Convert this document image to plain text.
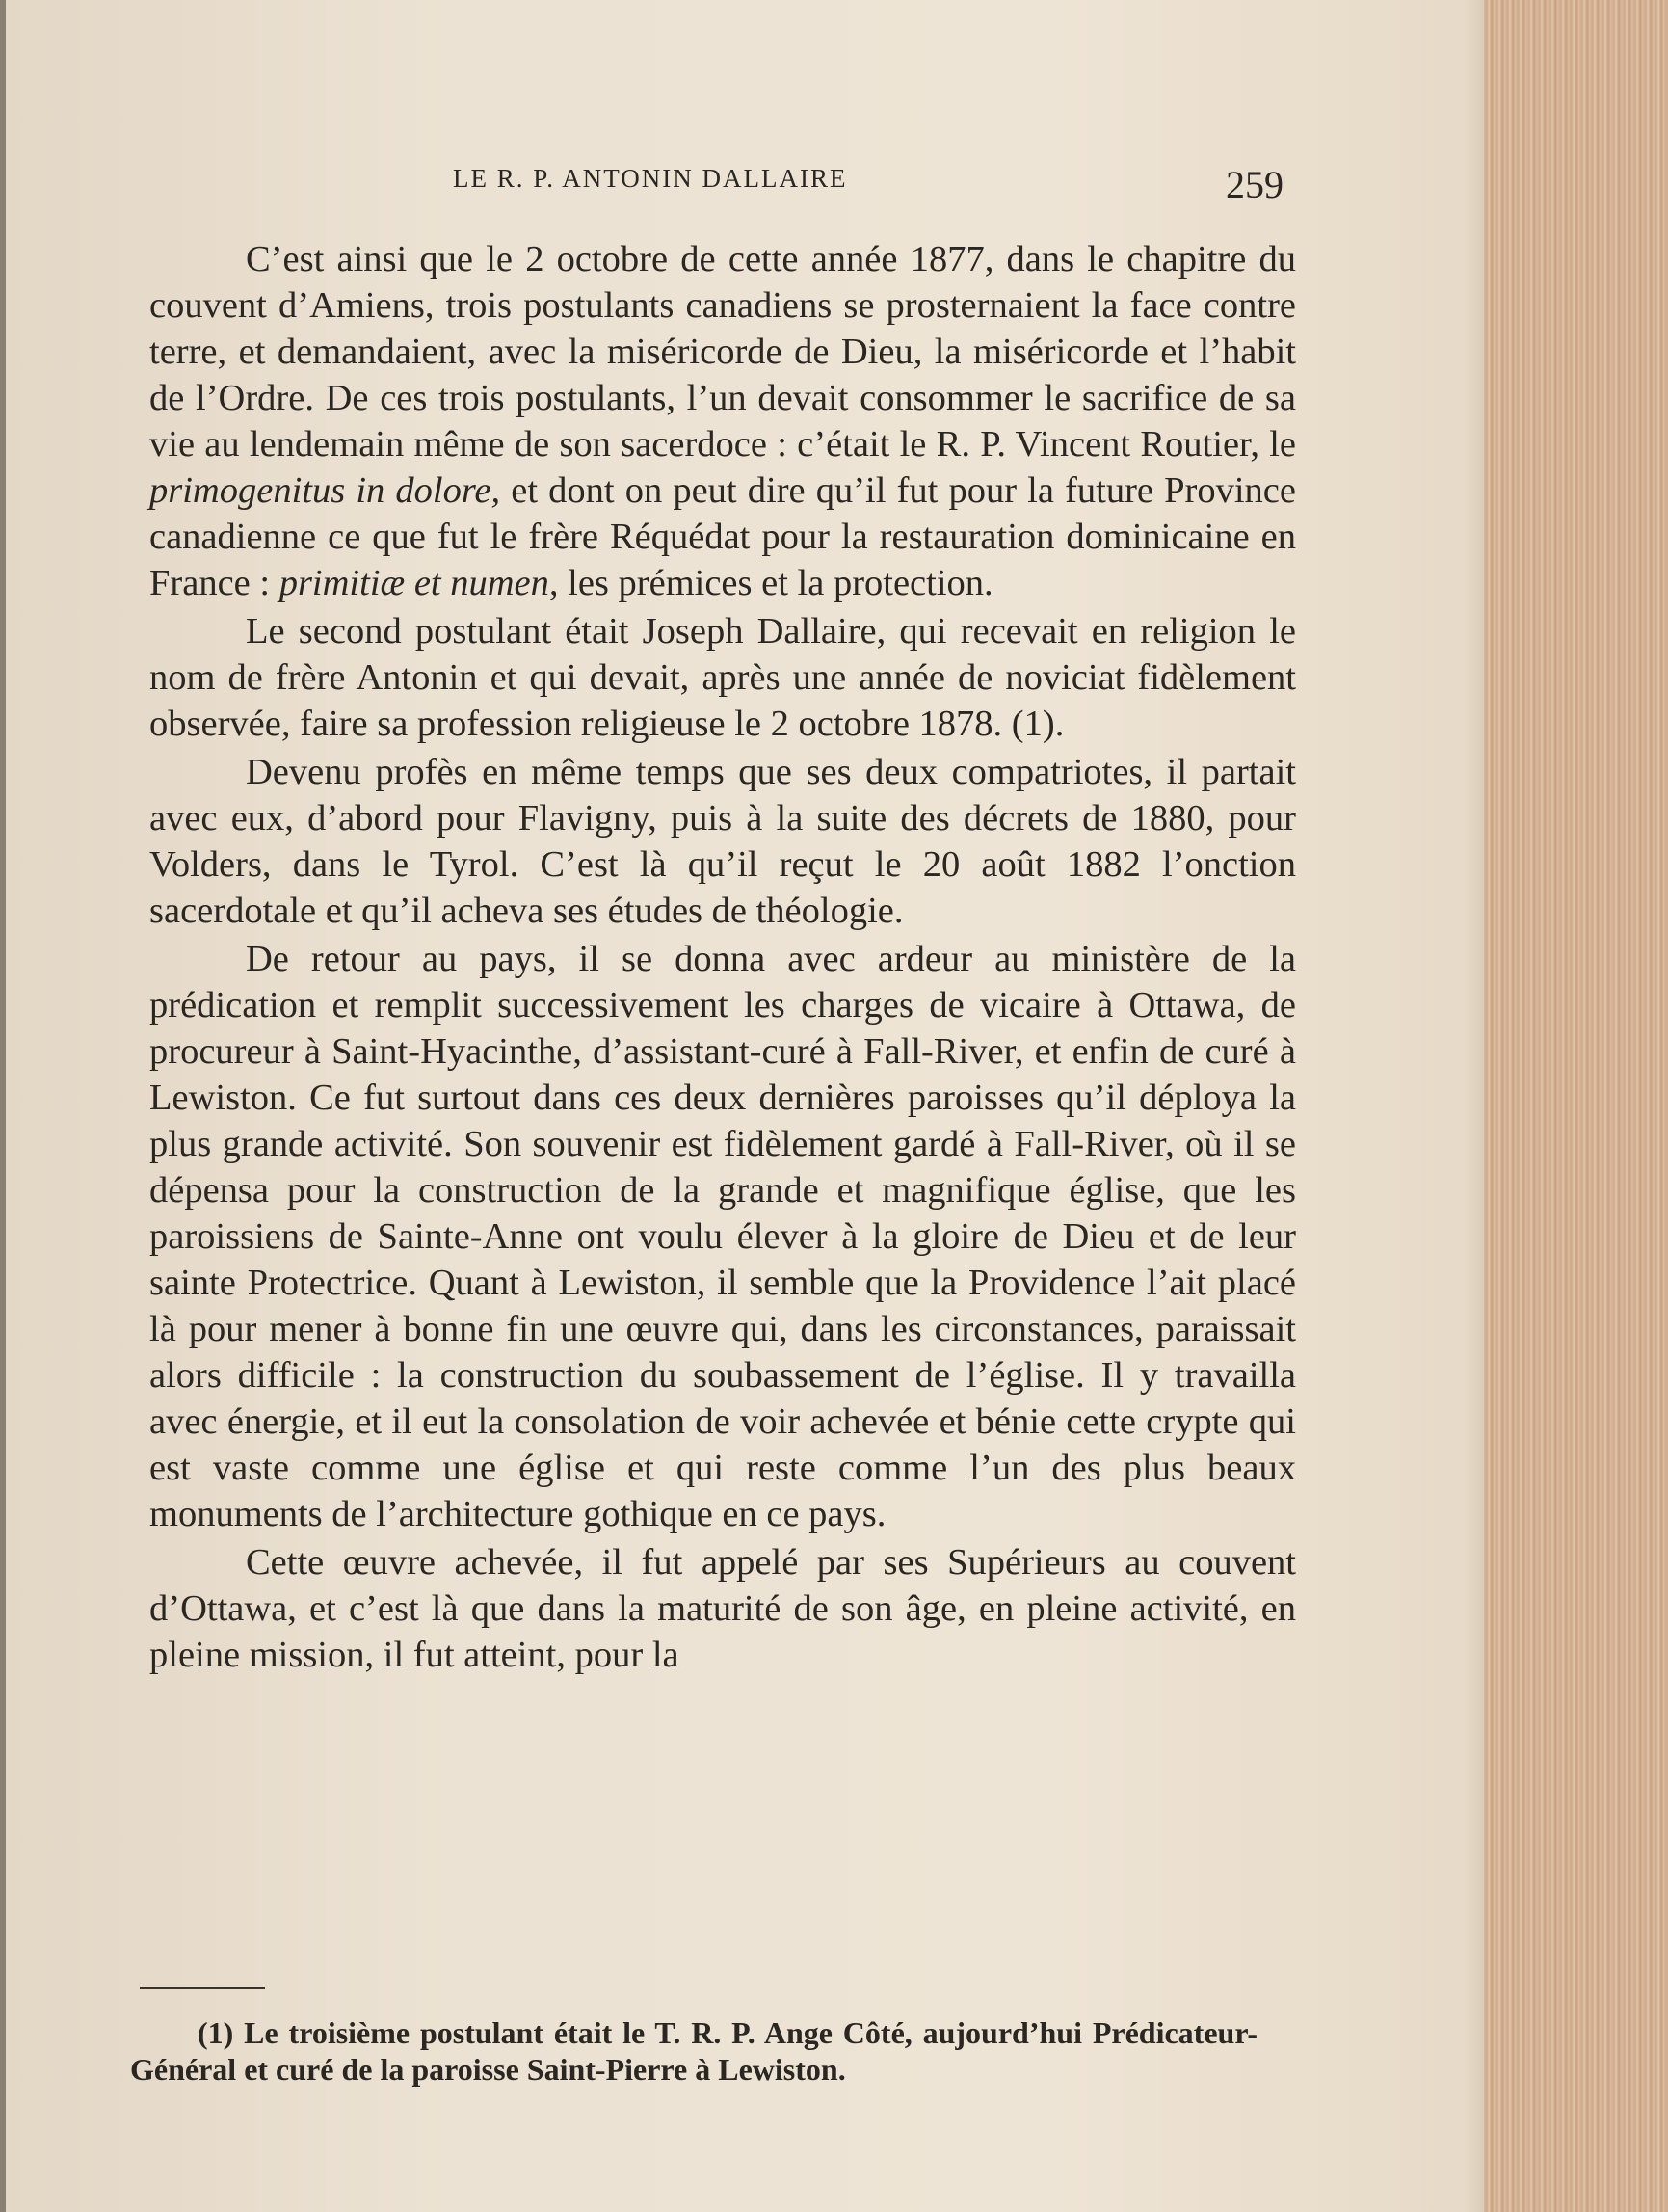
LE R. P. ANTONIN DALLAIRE	259

C’est ainsi que le 2 octobre de cette année 1877, dans le chapitre du couvent d’Amiens, trois postulants canadiens se prosternaient la face contre terre, et demandaient, avec la miséricorde de Dieu, la miséricorde et l’habit de l’Ordre. De ces trois postulants, l’un devait consommer le sacrifice de sa vie au lendemain même de son sacerdoce : c’était le R. P. Vincent Routier, le primogenitus in dolore, et dont on peut dire qu’il fut pour la future Province canadienne ce que fut le frère Réquédat pour la restauration dominicaine en France : primitiæ et numen, les prémices et la protection.

Le second postulant était Joseph Dallaire, qui recevait en religion le nom de frère Antonin et qui devait, après une année de noviciat fidèlement observée, faire sa profession religieuse le 2 octobre 1878. (1).

Devenu profès en même temps que ses deux compatriotes, il partait avec eux, d’abord pour Flavigny, puis à la suite des décrets de 1880, pour Volders, dans le Tyrol. C’est là qu’il reçut le 20 août 1882 l’onction sacerdotale et qu’il acheva ses études de théologie.

De retour au pays, il se donna avec ardeur au ministère de la prédication et remplit successivement les charges de vicaire à Ottawa, de procureur à Saint-Hyacinthe, d’assistant-curé à Fall-River, et enfin de curé à Lewiston. Ce fut surtout dans ces deux dernières paroisses qu’il déploya la plus grande activité. Son souvenir est fidèlement gardé à Fall-River, où il se dépensa pour la construction de la grande et magnifique église, que les paroissiens de Sainte-Anne ont voulu élever à la gloire de Dieu et de leur sainte Protectrice. Quant à Lewiston, il semble que la Providence l’ait placé là pour mener à bonne fin une œuvre qui, dans les circonstances, paraissait alors difficile : la construction du soubassement de l’église. Il y travailla avec énergie, et il eut la consolation de voir achevée et bénie cette crypte qui est vaste comme une église et qui reste comme l’un des plus beaux monuments de l’architecture gothique en ce pays.

Cette œuvre achevée, il fut appelé par ses Supérieurs au couvent d’Ottawa, et c’est là que dans la maturité de son âge, en pleine activité, en pleine mission, il fut atteint, pour la

(1) Le troisième postulant était le T. R. P. Ange Côté, aujourd’hui Prédicateur-Général et curé de la paroisse Saint-Pierre à Lewiston.
